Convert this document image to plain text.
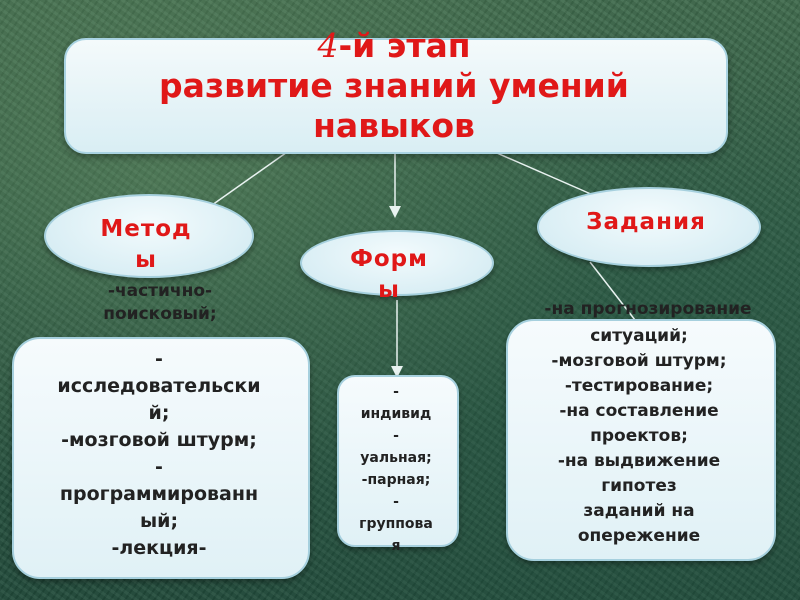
4-й этап
развитие знаний умений
навыков
Методы	Формы
Задания
-частично-
поисковый;
-
исследовательски
й;
-мозговой штурм;
-
программированн
ый;
-лекция-
-
индивид
-
уальная;
-парная;
-
группова
я
-на прогнозирование
ситуаций;
-мозговой штурм;
-тестирование;
-на составление
проектов;
-на выдвижение
гипотез
заданий на
опережение
